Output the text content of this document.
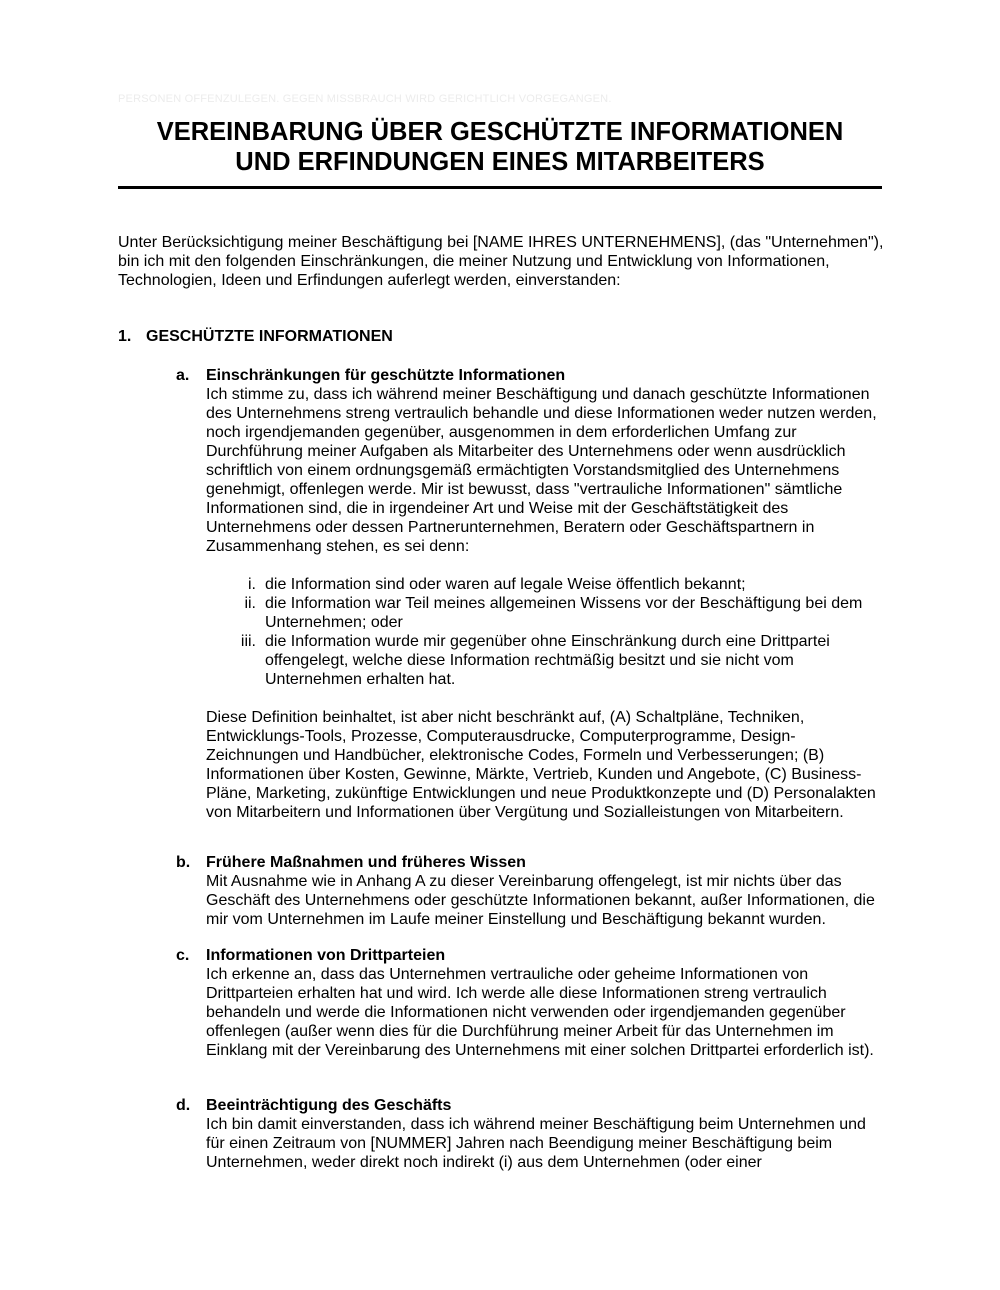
PERSONEN OFFENZULEGEN. GEGEN MISSBRAUCH WIRD GERICHTLICH VORGEGANGEN.
VEREINBARUNG ÜBER GESCHÜTZTE INFORMATIONEN
UND ERFINDUNGEN EINES MITARBEITERS
Unter Berücksichtigung meiner Beschäftigung bei [NAME IHRES UNTERNEHMENS], (das "Unternehmen"), bin ich mit den folgenden Einschränkungen, die meiner Nutzung und Entwicklung von Informationen, Technologien, Ideen und Erfindungen auferlegt werden, einverstanden:
1. GESCHÜTZTE INFORMATIONEN
a. Einschränkungen für geschützte Informationen
Ich stimme zu, dass ich während meiner Beschäftigung und danach geschützte Informationen des Unternehmens streng vertraulich behandle und diese Informationen weder nutzen werden, noch irgendjemanden gegenüber, ausgenommen in dem erforderlichen Umfang zur Durchführung meiner Aufgaben als Mitarbeiter des Unternehmens oder wenn ausdrücklich schriftlich von einem ordnungsgemäß ermächtigten Vorstandsmitglied des Unternehmens genehmigt, offenlegen werde. Mir ist bewusst, dass "vertrauliche Informationen" sämtliche Informationen sind, die in irgendeiner Art und Weise mit der Geschäftstätigkeit des Unternehmens oder dessen Partnerunternehmen, Beratern oder Geschäftspartnern in Zusammenhang stehen, es sei denn:
i. die Information sind oder waren auf legale Weise öffentlich bekannt;
ii. die Information war Teil meines allgemeinen Wissens vor der Beschäftigung bei dem Unternehmen; oder
iii. die Information wurde mir gegenüber ohne Einschränkung durch eine Drittpartei offengelegt, welche diese Information rechtmäßig besitzt und sie nicht vom Unternehmen erhalten hat.
Diese Definition beinhaltet, ist aber nicht beschränkt auf, (A) Schaltpläne, Techniken, Entwicklungs-Tools, Prozesse, Computerausdrucke, Computerprogramme, Design-Zeichnungen und Handbücher, elektronische Codes, Formeln und Verbesserungen; (B) Informationen über Kosten, Gewinne, Märkte, Vertrieb, Kunden und Angebote, (C) Business-Pläne, Marketing, zukünftige Entwicklungen und neue Produktkonzepte und (D) Personalakten von Mitarbeitern und Informationen über Vergütung und Sozialleistungen von Mitarbeitern.
b. Frühere Maßnahmen und früheres Wissen
Mit Ausnahme wie in Anhang A zu dieser Vereinbarung offengelegt, ist mir nichts über das Geschäft des Unternehmens oder geschützte Informationen bekannt, außer Informationen, die mir vom Unternehmen im Laufe meiner Einstellung und Beschäftigung bekannt wurden.
c. Informationen von Drittparteien
Ich erkenne an, dass das Unternehmen vertrauliche oder geheime Informationen von Drittparteien erhalten hat und wird. Ich werde alle diese Informationen streng vertraulich behandeln und werde die Informationen nicht verwenden oder irgendjemanden gegenüber offenlegen (außer wenn dies für die Durchführung meiner Arbeit für das Unternehmen im Einklang mit der Vereinbarung des Unternehmens mit einer solchen Drittpartei erforderlich ist).
d. Beeinträchtigung des Geschäfts
Ich bin damit einverstanden, dass ich während meiner Beschäftigung beim Unternehmen und für einen Zeitraum von [NUMMER] Jahren nach Beendigung meiner Beschäftigung beim Unternehmen, weder direkt noch indirekt (i) aus dem Unternehmen (oder einer
